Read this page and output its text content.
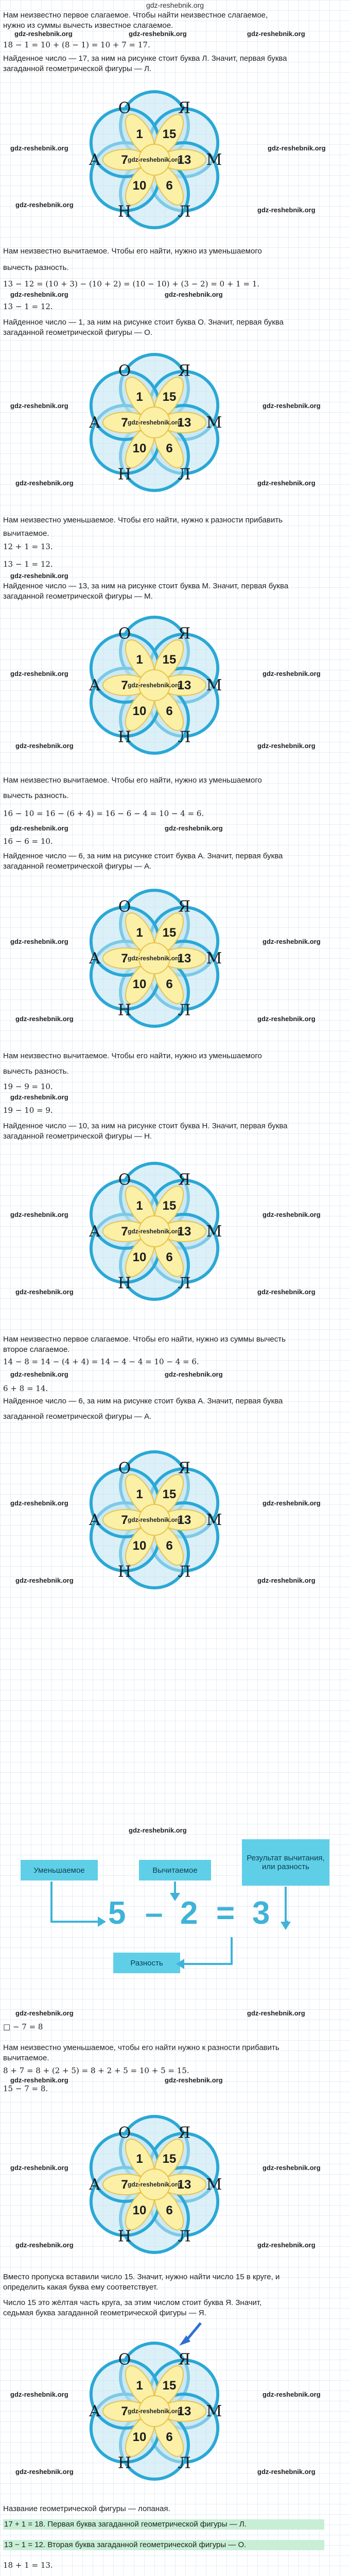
gdz-reshebnik.org
Нам неизвестно первое слагаемое. Чтобы найти неизвестное слагаемое,
нужно из суммы вычесть известное слагаемое.
gdz-reshebnik.org	gdz-reshebnik.org	gdz-reshebnik.org
18 − 1 = 10 + (8 − 1) = 10 + 7 = 17.
Найденное число — 17, за ним на рисунке стоит буква Л. Значит, первая буква
загаданной геометрической фигуры — Л.
15
13
6
10
7
1
Я
М
Л
Н
А
О
gdz-reshebnik.org
gdz-reshebnik.org	gdz-reshebnik.org
gdz-reshebnik.org
gdz-reshebnik.org
Нам неизвестно вычитаемое. Чтобы его найти, нужно из уменьшаемого
вычесть разность.
13 − 12 = (10 + 3) − (10 + 2) = (10 − 10) + (3 − 2) = 0 + 1 = 1.
gdz-reshebnik.org	gdz-reshebnik.org
13 − 1 = 12.
Найденное число — 1, за ним на рисунке стоит буква О. Значит, первая буква
загаданной геометрической фигуры — О.
15
13
6
10
7
1
Я
М
Л
Н
А
О
gdz-reshebnik.org
gdz-reshebnik.org	gdz-reshebnik.org
gdz-reshebnik.org	gdz-reshebnik.org
Нам неизвестно уменьшаемое. Чтобы его найти, нужно к разности прибавить
вычитаемое.
12 + 1 = 13.
13 − 1 = 12.
gdz-reshebnik.org
Найденное число — 13, за ним на рисунке стоит буква М. Значит, первая буква
загаданной геометрической фигуры — М.
15
13
6
10
7
1
Я
М
Л
Н
А
О
gdz-reshebnik.org
gdz-reshebnik.org	gdz-reshebnik.org
gdz-reshebnik.org	gdz-reshebnik.org
Нам неизвестно вычитаемое. Чтобы его найти, нужно из уменьшаемого
вычесть разность.
16 − 10 = 16 − (6 + 4) = 16 − 6 − 4 = 10 − 4 = 6.
gdz-reshebnik.org	gdz-reshebnik.org
16 − 6 = 10.
Найденное число — 6, за ним на рисунке стоит буква А. Значит, первая буква
загаданной геометрической фигуры — А.
15
13
6
10
7
1
Я
М
Л
Н
А
О
gdz-reshebnik.org
gdz-reshebnik.org	gdz-reshebnik.org
gdz-reshebnik.org	gdz-reshebnik.org
Нам неизвестно вычитаемое. Чтобы его найти, нужно из уменьшаемого
вычесть разность.
19 − 9 = 10.
gdz-reshebnik.org
19 − 10 = 9.
Найденное число — 10, за ним на рисунке стоит буква Н. Значит, первая буква
загаданной геометрической фигуры — Н.
15
13
6
10
7
1
Я
М
Л
Н
А
О
gdz-reshebnik.org
gdz-reshebnik.org	gdz-reshebnik.org
gdz-reshebnik.org	gdz-reshebnik.org
Нам неизвестно первое слагаемое. Чтобы его найти, нужно из суммы вычесть
второе слагаемое.
14 − 8 = 14 − (4 + 4) = 14 − 4 − 4 = 10 − 4 = 6.
gdz-reshebnik.org	gdz-reshebnik.org
6 + 8 = 14.
Найденное число — 6, за ним на рисунке стоит буква А. Значит, первая буква
загаданной геометрической фигуры — А.
15
13
6
10
7
1
Я
М
Л
Н
А
О
gdz-reshebnik.org
gdz-reshebnik.org	gdz-reshebnik.org
gdz-reshebnik.org	gdz-reshebnik.org
Уменьшаемое	Вычитаемое
Результат вычитания, или разность
5 – 2 = 3
Разность
gdz-reshebnik.org
gdz-reshebnik.org	gdz-reshebnik.org
□ − 7 = 8
Нам неизвестно уменьшаемое, чтобы его найти нужно к разности прибавить
вычитаемое.
8 + 7 = 8 + (2 + 5) = 8 + 2 + 5 = 10 + 5 = 15.
15 − 7 = 8.
gdz-reshebnik.org	gdz-reshebnik.org
15
13
6
10
7
1
Я
М
Л
Н
А
О
gdz-reshebnik.org
gdz-reshebnik.org	gdz-reshebnik.org
gdz-reshebnik.org	gdz-reshebnik.org
Вместо пропуска вставили число 15. Значит, нужно найти число 15 в круге, и
определить какая буква ему соответствует.
Число 15 это жёлтая часть круга, за этим числом стоит буква Я. Значит,
седьмая буква загаданной геометрической фигуры — Я.
15
13
6
10
7
1
Я
М
Л
Н
А
О
gdz-reshebnik.org
gdz-reshebnik.org	gdz-reshebnik.org
gdz-reshebnik.org	gdz-reshebnik.org
Название геометрической фигуры — лопаная.
17 + 1 = 18. Первая буква загаданной геометрической фигуры — Л.
13 − 1 = 12. Вторая буква загаданной геометрической фигуры — О.
18 + 1 = 13.
